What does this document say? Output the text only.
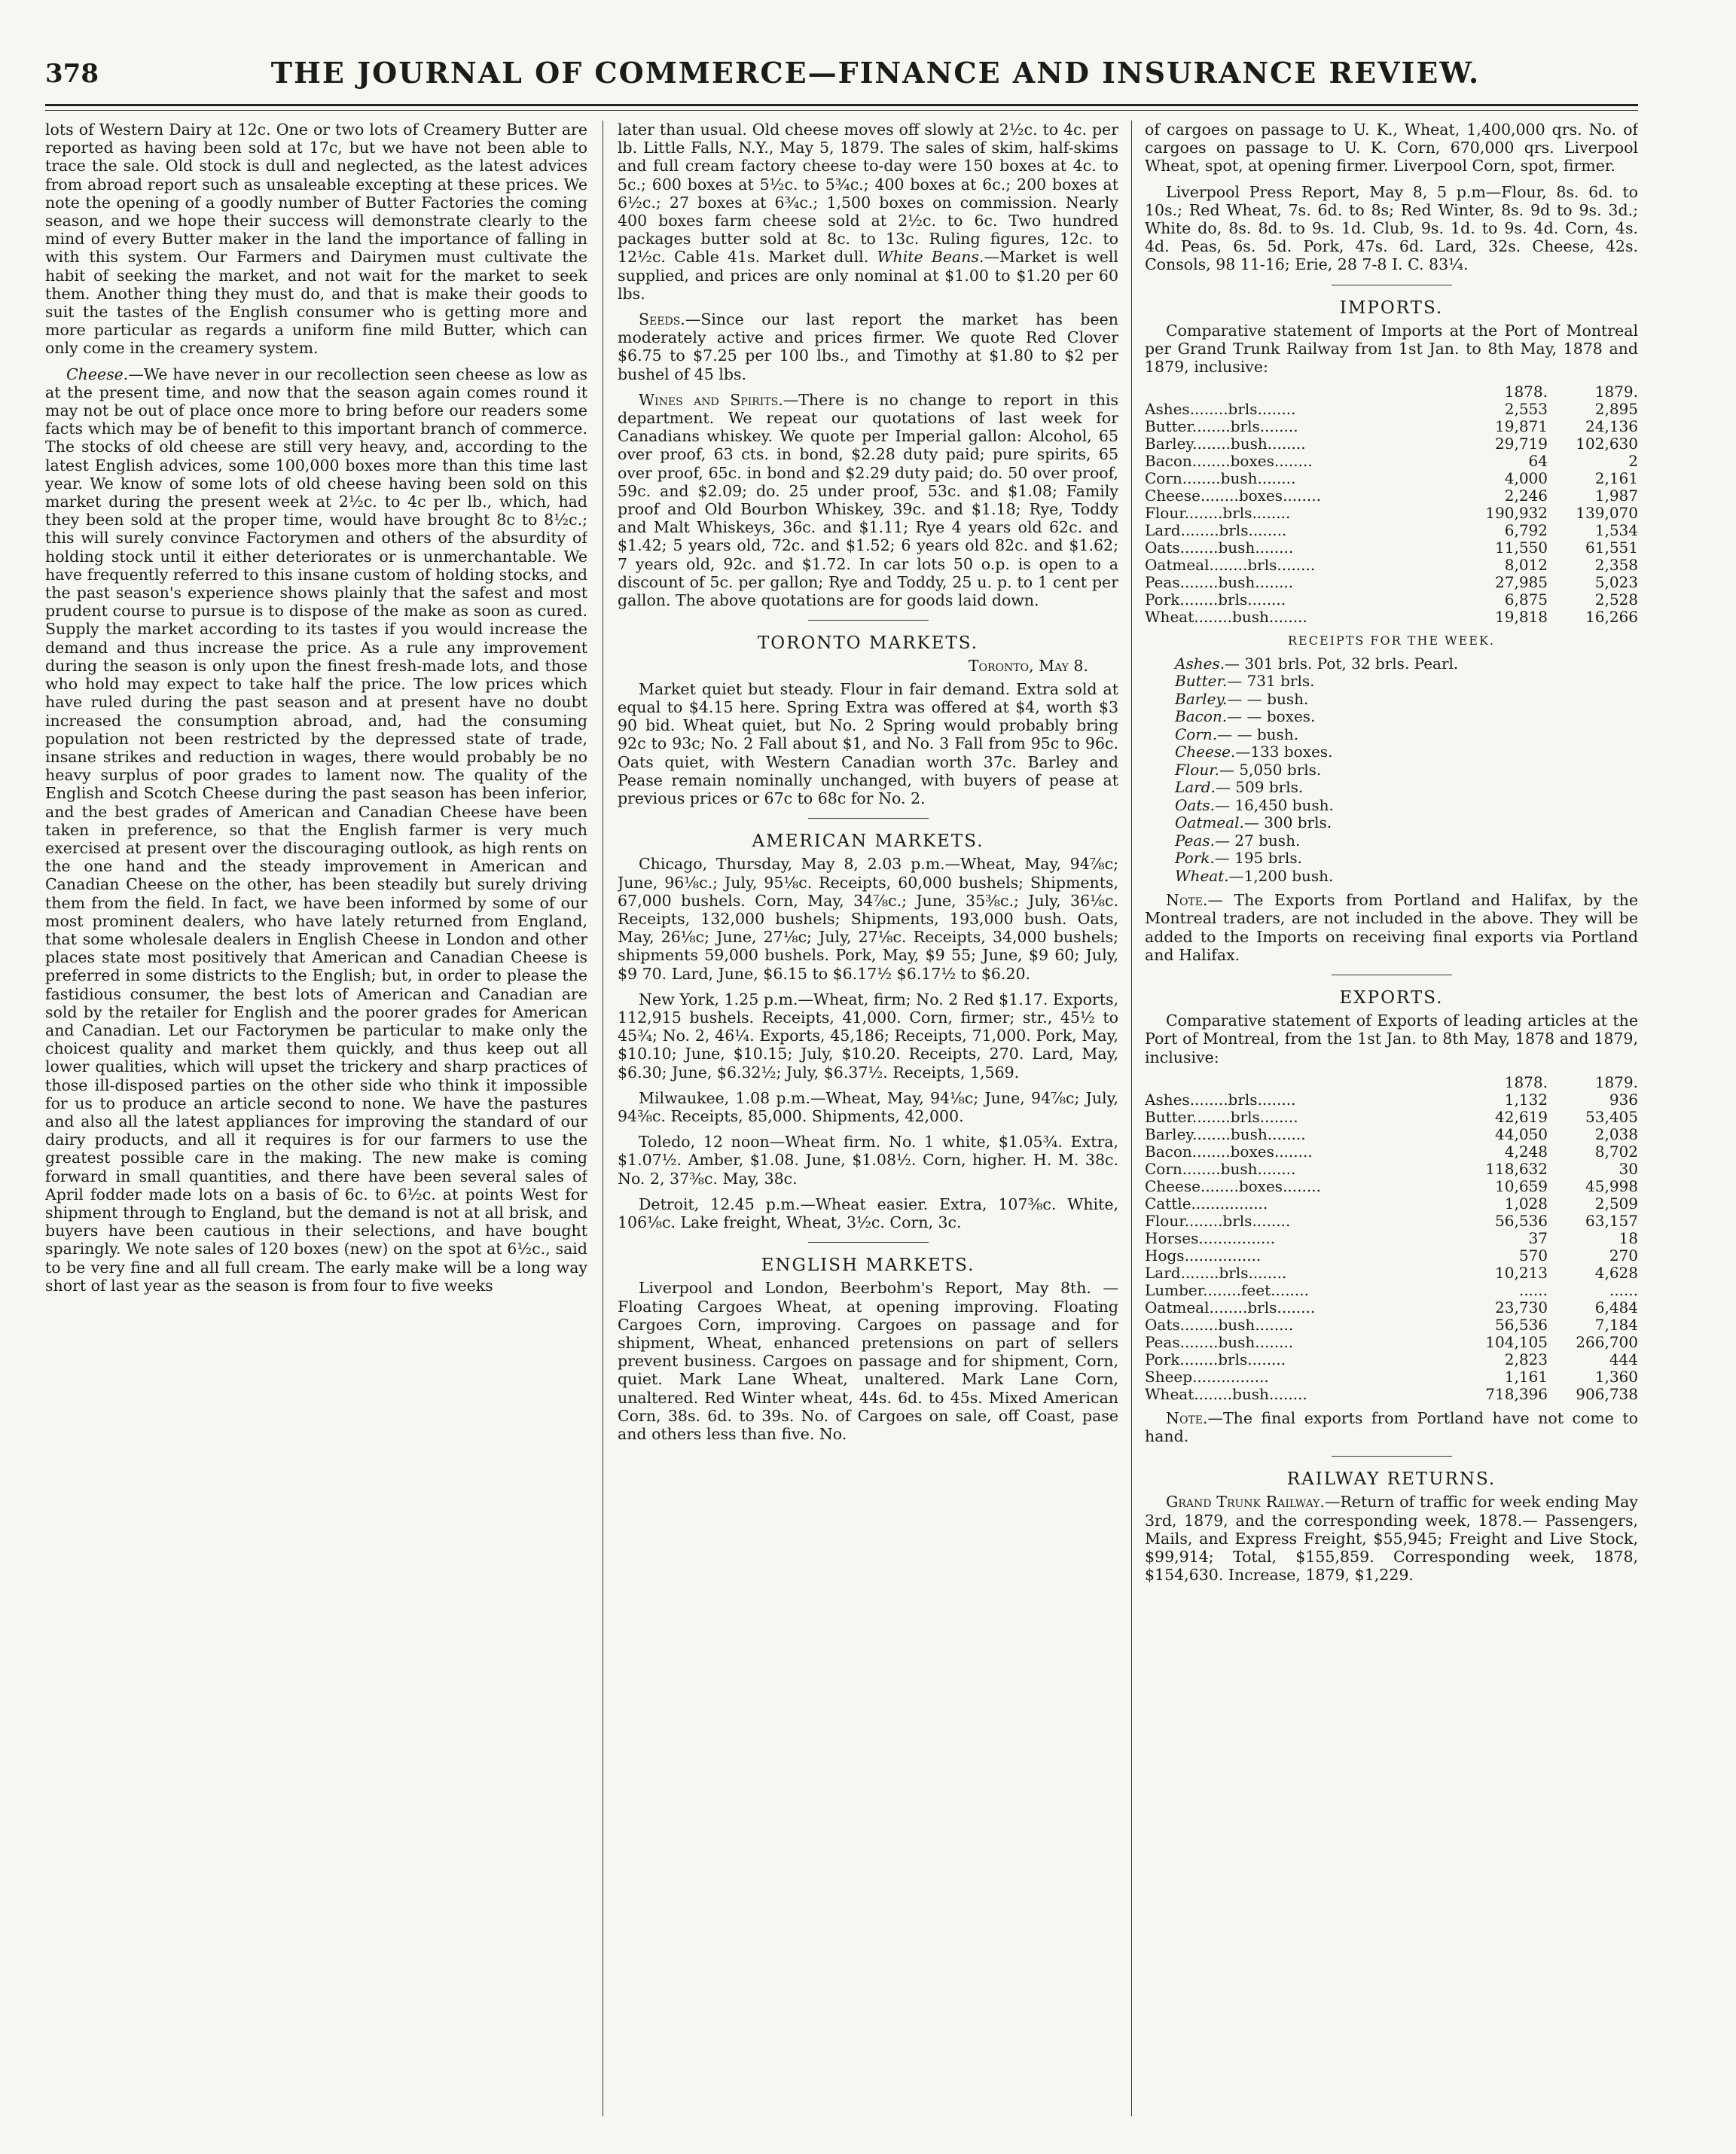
378	THE JOURNAL OF COMMERCE—FINANCE AND INSURANCE REVIEW.

lots of Western Dairy at 12c. One or two lots of Creamery Butter are reported as having been sold at 17c, but we have not been able to trace the sale. Old stock is dull and neglected, as the latest advices from abroad report such as unsaleable excepting at these prices. We note the opening of a goodly number of Butter Factories the coming season, and we hope their success will demonstrate clearly to the mind of every Butter maker in the land the importance of falling in with this system. Our Farmers and Dairymen must cultivate the habit of seeking the market, and not wait for the market to seek them. Another thing they must do, and that is make their goods to suit the tastes of the English consumer who is getting more and more particular as regards a uniform fine mild Butter, which can only come in the creamery system.

Cheese.—We have never in our recollection seen cheese as low as at the present time, and now that the season again comes round it may not be out of place once more to bring before our readers some facts which may be of benefit to this important branch of commerce. The stocks of old cheese are still very heavy, and, according to the latest English advices, some 100,000 boxes more than this time last year. We know of some lots of old cheese having been sold on this market during the present week at 2½c. to 4c per lb., which, had they been sold at the proper time, would have brought 8c to 8½c.; this will surely convince Factorymen and others of the absurdity of holding stock until it either deteriorates or is unmerchantable. We have frequently referred to this insane custom of holding stocks, and the past season's experience shows plainly that the safest and most prudent course to pursue is to dispose of the make as soon as cured. Supply the market according to its tastes if you would increase the demand and thus increase the price. As a rule any improvement during the season is only upon the finest fresh-made lots, and those who hold may expect to take half the price. The low prices which have ruled during the past season and at present have no doubt increased the consumption abroad, and, had the consuming population not been restricted by the depressed state of trade, insane strikes and reduction in wages, there would probably be no heavy surplus of poor grades to lament now. The quality of the English and Scotch Cheese during the past season has been inferior, and the best grades of American and Canadian Cheese have been taken in preference, so that the English farmer is very much exercised at present over the discouraging outlook, as high rents on the one hand and the steady improvement in American and Canadian Cheese on the other, has been steadily but surely driving them from the field. In fact, we have been informed by some of our most prominent dealers, who have lately returned from England, that some wholesale dealers in English Cheese in London and other places state most positively that American and Canadian Cheese is preferred in some districts to the English; but, in order to please the fastidious consumer, the best lots of American and Canadian are sold by the retailer for English and the poorer grades for American and Canadian. Let our Factorymen be particular to make only the choicest quality and market them quickly, and thus keep out all lower qualities, which will upset the trickery and sharp practices of those ill-disposed parties on the other side who think it impossible for us to produce an article second to none. We have the pastures and also all the latest appliances for improving the standard of our dairy products, and all it requires is for our farmers to use the greatest possible care in the making. The new make is coming forward in small quantities, and there have been several sales of April fodder made lots on a basis of 6c. to 6½c. at points West for shipment through to England, but the demand is not at all brisk, and buyers have been cautious in their selections, and have bought sparingly. We note sales of 120 boxes (new) on the spot at 6½c., said to be very fine and all full cream. The early make will be a long way short of last year as the season is from four to five weeks

later than usual. Old cheese moves off slowly at 2½c. to 4c. per lb. Little Falls, N.Y., May 5, 1879. The sales of skim, half-skims and full cream factory cheese to-day were 150 boxes at 4c. to 5c.; 600 boxes at 5½c. to 5¾c.; 400 boxes at 6c.; 200 boxes at 6½c.; 27 boxes at 6¾c.; 1,500 boxes on commission. Nearly 400 boxes farm cheese sold at 2½c. to 6c. Two hundred packages butter sold at 8c. to 13c. Ruling figures, 12c. to 12½c. Cable 41s. Market dull. White Beans.—Market is well supplied, and prices are only nominal at $1.00 to $1.20 per 60 lbs.

Seeds.—Since our last report the market has been moderately active and prices firmer. We quote Red Clover $6.75 to $7.25 per 100 lbs., and Timothy at $1.80 to $2 per bushel of 45 lbs.

Wines and Spirits.—There is no change to report in this department. We repeat our quotations of last week for Canadians whiskey. We quote per Imperial gallon: Alcohol, 65 over proof, 63 cts. in bond, $2.28 duty paid; pure spirits, 65 over proof, 65c. in bond and $2.29 duty paid; do. 50 over proof, 59c. and $2.09; do. 25 under proof, 53c. and $1.08; Family proof and Old Bourbon Whiskey, 39c. and $1.18; Rye, Toddy and Malt Whiskeys, 36c. and $1.11; Rye 4 years old 62c. and $1.42; 5 years old, 72c. and $1.52; 6 years old 82c. and $1.62; 7 years old, 92c. and $1.72. In car lots 50 o.p. is open to a discount of 5c. per gallon; Rye and Toddy, 25 u. p. to 1 cent per gallon. The above quotations are for goods laid down.

TORONTO MARKETS.
Toronto, May 8.

Market quiet but steady. Flour in fair demand. Extra sold at equal to $4.15 here. Spring Extra was offered at $4, worth $3 90 bid. Wheat quiet, but No. 2 Spring would probably bring 92c to 93c; No. 2 Fall about $1, and No. 3 Fall from 95c to 96c. Oats quiet, with Western Canadian worth 37c. Barley and Pease remain nominally unchanged, with buyers of pease at previous prices or 67c to 68c for No. 2.

AMERICAN MARKETS.

Chicago, Thursday, May 8, 2.03 p.m.—Wheat, May, 94⅞c; June, 96⅛c.; July, 95⅛c. Receipts, 60,000 bushels; Shipments, 67,000 bushels. Corn, May, 34⅞c.; June, 35⅜c.; July, 36⅛c. Receipts, 132,000 bushels; Shipments, 193,000 bush. Oats, May, 26⅛c; June, 27⅛c; July, 27⅛c. Receipts, 34,000 bushels; shipments 59,000 bushels. Pork, May, $9 55; June, $9 60; July, $9 70. Lard, June, $6.15 to $6.17½ $6.17½ to $6.20.

New York, 1.25 p.m.—Wheat, firm; No. 2 Red $1.17. Exports, 112,915 bushels. Receipts, 41,000. Corn, firmer; str., 45½ to 45¾; No. 2, 46¼. Exports, 45,186; Receipts, 71,000. Pork, May, $10.10; June, $10.15; July, $10.20. Receipts, 270. Lard, May, $6.30; June, $6.32½; July, $6.37½. Receipts, 1,569.

Milwaukee, 1.08 p.m.—Wheat, May, 94⅛c; June, 94⅞c; July, 94⅜c. Receipts, 85,000. Shipments, 42,000.

Toledo, 12 noon—Wheat firm. No. 1 white, $1.05¾. Extra, $1.07½. Amber, $1.08. June, $1.08½. Corn, higher. H. M. 38c. No. 2, 37⅜c. May, 38c.

Detroit, 12.45 p.m.—Wheat easier. Extra, 107⅜c. White, 106⅛c. Lake freight, Wheat, 3½c. Corn, 3c.

ENGLISH MARKETS.

Liverpool and London, Beerbohm's Report, May 8th. — Floating Cargoes Wheat, at opening improving. Floating Cargoes Corn, improving. Cargoes on passage and for shipment, Wheat, enhanced pretensions on part of sellers prevent business. Cargoes on passage and for shipment, Corn, quiet. Mark Lane Wheat, unaltered. Mark Lane Corn, unaltered. Red Winter wheat, 44s. 6d. to 45s. Mixed American Corn, 38s. 6d. to 39s. No. of Cargoes on sale, off Coast, pase and others less than five. No.

of cargoes on passage to U. K., Wheat, 1,400,000 qrs. No. of cargoes on passage to U. K. Corn, 670,000 qrs. Liverpool Wheat, spot, at opening firmer. Liverpool Corn, spot, firmer.

Liverpool Press Report, May 8, 5 p.m—Flour, 8s. 6d. to 10s.; Red Wheat, 7s. 6d. to 8s; Red Winter, 8s. 9d to 9s. 3d.; White do, 8s. 8d. to 9s. 1d. Club, 9s. 1d. to 9s. 4d. Corn, 4s. 4d. Peas, 6s. 5d. Pork, 47s. 6d. Lard, 32s. Cheese, 42s. Consols, 98 11-16; Erie, 28 7-8 I. C. 83¼.

IMPORTS.

Comparative statement of Imports at the Port of Montreal per Grand Trunk Railway from 1st Jan. to 8th May, 1878 and 1879, inclusive:

	1878.	1879.
Ashes........brls........	2,553	2,895
Butter........brls........	19,871	24,136
Barley........bush........	29,719	102,630
Bacon........boxes........	64	2
Corn........bush........	4,000	2,161
Cheese........boxes........	2,246	1,987
Flour........brls........	190,932	139,070
Lard........brls........	6,792	1,534
Oats........bush........	11,550	61,551
Oatmeal........brls........	8,012	2,358
Peas........bush........	27,985	5,023
Pork........brls........	6,875	2,528
Wheat........bush........	19,818	16,266
RECEIPTS FOR THE WEEK.

Ashes.— 301 brls. Pot, 32 brls. Pearl.

Butter.— 731 brls.

Barley.— — bush.

Bacon.— — boxes.

Corn.— — bush.

Cheese.—133 boxes.

Flour.— 5,050 brls.

Lard.— 509 brls.

Oats.— 16,450 bush.

Oatmeal.— 300 brls.

Peas.— 27 bush.

Pork.— 195 brls.

Wheat.—1,200 bush.

Note.— The Exports from Portland and Halifax, by the Montreal traders, are not included in the above. They will be added to the Imports on receiving final exports via Portland and Halifax.

EXPORTS.

Comparative statement of Exports of leading articles at the Port of Montreal, from the 1st Jan. to 8th May, 1878 and 1879, inclusive:

	1878.	1879.
Ashes........brls........	1,132	936
Butter........brls........	42,619	53,405
Barley........bush........	44,050	2,038
Bacon........boxes........	4,248	8,702
Corn........bush........	118,632	30
Cheese........boxes........	10,659	45,998
Cattle................	1,028	2,509
Flour........brls........	56,536	63,157
Horses................	37	18
Hogs................	570	270
Lard........brls........	10,213	4,628
Lumber........feet........	......	......
Oatmeal........brls........	23,730	6,484
Oats........bush........	56,536	7,184
Peas........bush........	104,105	266,700
Pork........brls........	2,823	444
Sheep................	1,161	1,360
Wheat........bush........	718,396	906,738

Note.—The final exports from Portland have not come to hand.

RAILWAY RETURNS.

Grand Trunk Railway.—Return of traffic for week ending May 3rd, 1879, and the corresponding week, 1878.— Passengers, Mails, and Express Freight, $55,945; Freight and Live Stock, $99,914; Total, $155,859. Corresponding week, 1878, $154,630. Increase, 1879, $1,229.
